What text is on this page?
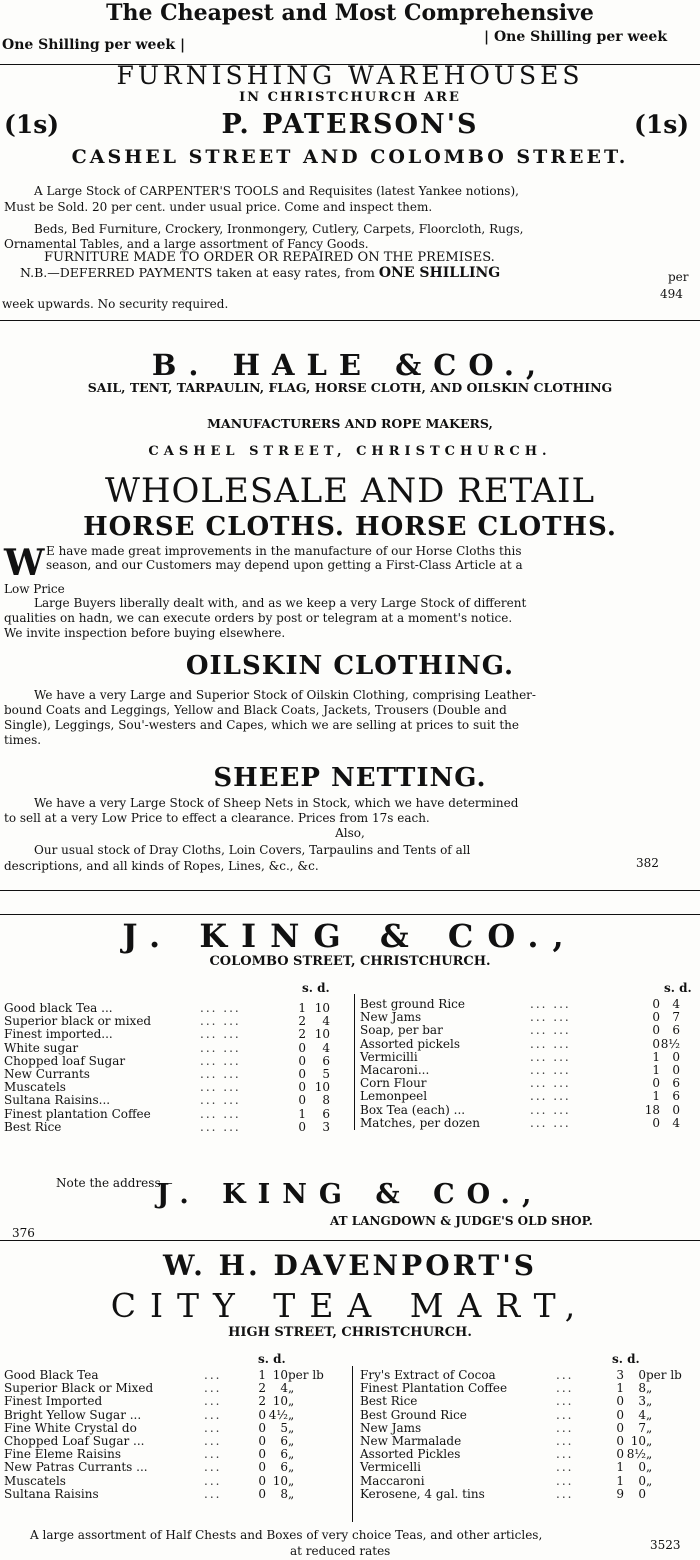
The Cheapest and Most Comprehensive
One Shilling per week |	| One Shilling per week
FURNISHING WAREHOUSES
IN CHRISTCHURCH ARE
(1s)	P. PATERSON'S	(1s)
CASHEL STREET AND COLOMBO STREET.
A Large Stock of CARPENTER'S TOOLS and Requisites (latest Yankee notions),
Must be Sold. 20 per cent. under usual price. Come and inspect them.
Beds, Bed Furniture, Crockery, Ironmongery, Cutlery, Carpets, Floorcloth, Rugs,
Ornamental Tables, and a large assortment of Fancy Goods.
FURNITURE MADE TO ORDER OR REPAIRED ON THE PREMISES.
N.B.—DEFERRED PAYMENTS taken at easy rates, from ONE SHILLING	per
week upwards. No security required.
494
B. HALE &CO.,
SAIL, TENT, TARPAULIN, FLAG, HORSE CLOTH, AND OILSKIN CLOTHING
MANUFACTURERS AND ROPE MAKERS,
CASHEL STREET, CHRISTCHURCH.
WHOLESALE AND RETAIL
HORSE CLOTHS. HORSE CLOTHS.
W E have made great improvements in the manufacture of our Horse Cloths this
season, and our Customers may depend upon getting a First-Class Article at a
Low Price
Large Buyers liberally dealt with, and as we keep a very Large Stock of different
qualities on hadn, we can execute orders by post or telegram at a moment's notice.
We invite inspection before buying elsewhere.
OILSKIN CLOTHING.
We have a very Large and Superior Stock of Oilskin Clothing, comprising Leather-
bound Coats and Leggings, Yellow and Black Coats, Jackets, Trousers (Double and
Single), Leggings, Sou'-westers and Capes, which we are selling at prices to suit the
times.
SHEEP NETTING.
We have a very Large Stock of Sheep Nets in Stock, which we have determined
to sell at a very Low Price to effect a clearance. Prices from 17s each.
Also,
Our usual stock of Dray Cloths, Loin Covers, Tarpaulins and Tents of all
descriptions, and all kinds of Ropes, Lines, &c., &c.	382
J. KING & CO.,
COLOMBO STREET, CHRISTCHURCH.
s. d.	s. d.
Good black Tea ...	... ...	1	10
Superior black or mixed	... ...	2	4
Finest imported...	... ...	2	10
White sugar	... ...	0	4
Chopped loaf Sugar	... ...	0	6
New Currants	... ...	0	5
Muscatels	... ...	0	10
Sultana Raisins...	... ...	0	8
Finest plantation Coffee	... ...	1	6
Best Rice	... ...	0	3
Best ground Rice	... ...	0	4
New Jams	... ...	0	7
Soap, per bar	... ...	0	6
Assorted pickels	... ...	0	8½
Vermicilli	... ...	1	0
Macaroni...	... ...	1	0
Corn Flour	... ...	0	6
Lemonpeel	... ...	1	6
Box Tea (each) ...	... ...	18	0
Matches, per dozen	... ...	0	4
Note the address—
J. KING & CO.,
376
AT LANGDOWN & JUDGE'S OLD SHOP.
W. H. DAVENPORT'S
CITY TEA MART,
HIGH STREET, CHRISTCHURCH.
s. d.	s. d.
Good Black Tea	...	1	10	per lb
Superior Black or Mixed	...	2	4	„
Finest Imported	...	2	10	„
Bright Yellow Sugar ...	...	0	4½	„
Fine White Crystal do	...	0	5	„
Chopped Loaf Sugar ...	...	0	6	„
Fine Eleme Raisins	...	0	6	„
New Patras Currants ...	...	0	6	„
Muscatels	...	0	10	„
Sultana Raisins	...	0	8	„
Fry's Extract of Cocoa	...	3	0	per lb
Finest Plantation Coffee	...	1	8	„
Best Rice	...	0	3	„
Best Ground Rice	...	0	4	„
New Jams	...	0	7	„
New Marmalade	...	0	10	„
Assorted Pickles	...	0	8½	„
Vermicelli	...	1	0	„
Maccaroni	...	1	0	„
Kerosene, 4 gal. tins	...	9	0	
A large assortment of Half Chests and Boxes of very choice Teas, and other articles,
at reduced rates	3523
